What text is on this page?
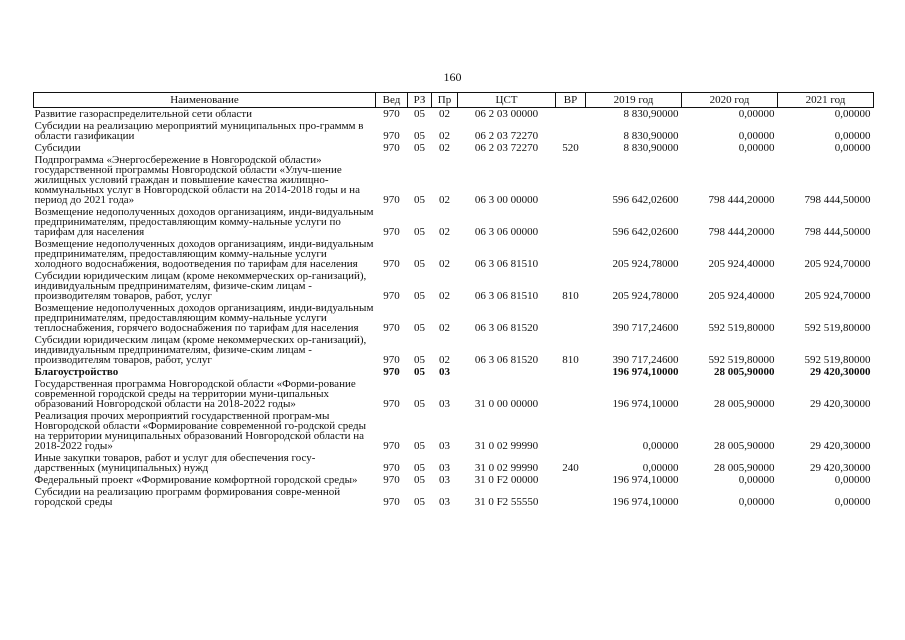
160
Наименование	Вед	РЗ	Пр	ЦСТ	ВР	2019 год	2020 год	2021 год
Развитие газораспределительной сети области	970	05	02	06 2 03 00000		8 830,90000	0,00000	0,00000
Субсидии на реализацию мероприятий муниципальных про-граммм в области газификации	970	05	02	06 2 03 72270		8 830,90000	0,00000	0,00000
Субсидии	970	05	02	06 2 03 72270	520	8 830,90000	0,00000	0,00000
Подпрограмма «Энергосбережение в Новгородской области» государственной программы Новгородской области «Улуч-шение жилищных условий граждан и повышение качества жилищно-коммунальных услуг в Новгородской области на 2014-2018 годы и на период до 2021 года»	970	05	02	06 3 00 00000		596 642,02600	798 444,20000	798 444,50000
Возмещение недополученных доходов организациям, инди-видуальным предпринимателям, предоставляющим комму-нальные услуги по тарифам для населения	970	05	02	06 3 06 00000		596 642,02600	798 444,20000	798 444,50000
Возмещение недополученных доходов организациям, инди-видуальным предпринимателям, предоставляющим комму-нальные услуги холодного водоснабжения, водоотведения по тарифам для населения	970	05	02	06 3 06 81510		205 924,78000	205 924,40000	205 924,70000
Субсидии юридическим лицам (кроме некоммерческих ор-ганизаций), индивидуальным предпринимателям, физиче-ским лицам - производителям товаров, работ, услуг	970	05	02	06 3 06 81510	810	205 924,78000	205 924,40000	205 924,70000
Возмещение недополученных доходов организациям, инди-видуальным предпринимателям, предоставляющим комму-нальные услуги теплоснабжения, горячего водоснабжения по тарифам для населения	970	05	02	06 3 06 81520		390 717,24600	592 519,80000	592 519,80000
Субсидии юридическим лицам (кроме некоммерческих ор-ганизаций), индивидуальным предпринимателям, физиче-ским лицам - производителям товаров, работ, услуг	970	05	02	06 3 06 81520	810	390 717,24600	592 519,80000	592 519,80000
Благоустройство	970	05	03			196 974,10000	28 005,90000	29 420,30000
Государственная программа Новгородской области «Форми-рование современной городской среды на территории муни-ципальных образований Новгородской области на 2018-2022 годы»	970	05	03	31 0 00 00000		196 974,10000	28 005,90000	29 420,30000
Реализация прочих мероприятий государственной програм-мы Новгородской области «Формирование современной го-родской среды на территории муниципальных образований Новгородской области на 2018-2022 годы»	970	05	03	31 0 02 99990		0,00000	28 005,90000	29 420,30000
Иные закупки товаров, работ и услуг для обеспечения госу-дарственных (муниципальных) нужд	970	05	03	31 0 02 99990	240	0,00000	28 005,90000	29 420,30000
Федеральный проект «Формирование комфортной городской среды»	970	05	03	31 0 F2 00000		196 974,10000	0,00000	0,00000
Субсидии на реализацию программ формирования совре-менной городской среды	970	05	03	31 0 F2 55550		196 974,10000	0,00000	0,00000
